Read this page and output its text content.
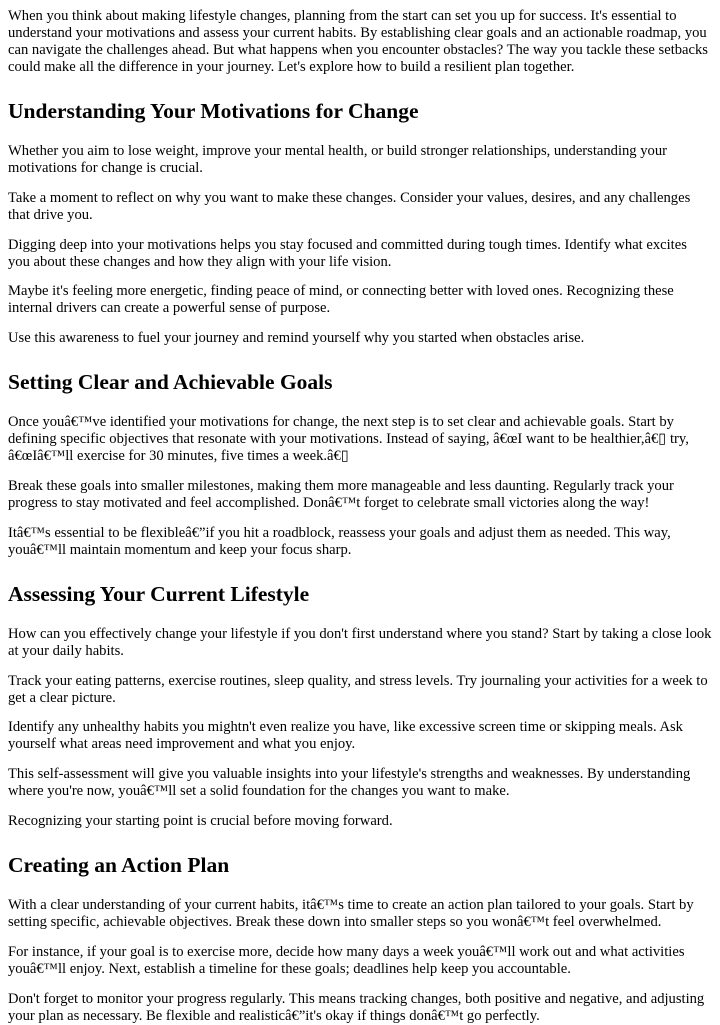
When you think about making lifestyle changes, planning from the start can set you up for success. It's essential to understand your motivations and assess your current habits. By establishing clear goals and an actionable roadmap, you can navigate the challenges ahead. But what happens when you encounter obstacles? The way you tackle these setbacks could make all the difference in your journey. Let's explore how to build a resilient plan together.

Understanding Your Motivations for Change

Whether you aim to lose weight, improve your mental health, or build stronger relationships, understanding your motivations for change is crucial.

Take a moment to reflect on why you want to make these changes. Consider your values, desires, and any challenges that drive you.

Digging deep into your motivations helps you stay focused and committed during tough times. Identify what excites you about these changes and how they align with your life vision.

Maybe it's feeling more energetic, finding peace of mind, or connecting better with loved ones. Recognizing these internal drivers can create a powerful sense of purpose.

Use this awareness to fuel your journey and remind yourself why you started when obstacles arise.

Setting Clear and Achievable Goals

Once youâ€™ve identified your motivations for change, the next step is to set clear and achievable goals. Start by defining specific objectives that resonate with your motivations. Instead of saying, â€œI want to be healthier,â€▯ try, â€œIâ€™ll exercise for 30 minutes, five times a week.â€▯

Break these goals into smaller milestones, making them more manageable and less daunting. Regularly track your progress to stay motivated and feel accomplished. Donâ€™t forget to celebrate small victories along the way!

Itâ€™s essential to be flexibleâ€”if you hit a roadblock, reassess your goals and adjust them as needed. This way, youâ€™ll maintain momentum and keep your focus sharp.

Assessing Your Current Lifestyle

How can you effectively change your lifestyle if you don't first understand where you stand? Start by taking a close look at your daily habits.

Track your eating patterns, exercise routines, sleep quality, and stress levels. Try journaling your activities for a week to get a clear picture.

Identify any unhealthy habits you mightn't even realize you have, like excessive screen time or skipping meals. Ask yourself what areas need improvement and what you enjoy.

This self-assessment will give you valuable insights into your lifestyle's strengths and weaknesses. By understanding where you're now, youâ€™ll set a solid foundation for the changes you want to make.

Recognizing your starting point is crucial before moving forward.

Creating an Action Plan

With a clear understanding of your current habits, itâ€™s time to create an action plan tailored to your goals. Start by setting specific, achievable objectives. Break these down into smaller steps so you wonâ€™t feel overwhelmed.

For instance, if your goal is to exercise more, decide how many days a week youâ€™ll work out and what activities youâ€™ll enjoy. Next, establish a timeline for these goals; deadlines help keep you accountable.

Don't forget to monitor your progress regularly. This means tracking changes, both positive and negative, and adjusting your plan as necessary. Be flexible and realisticâ€”it's okay if things donâ€™t go perfectly.
